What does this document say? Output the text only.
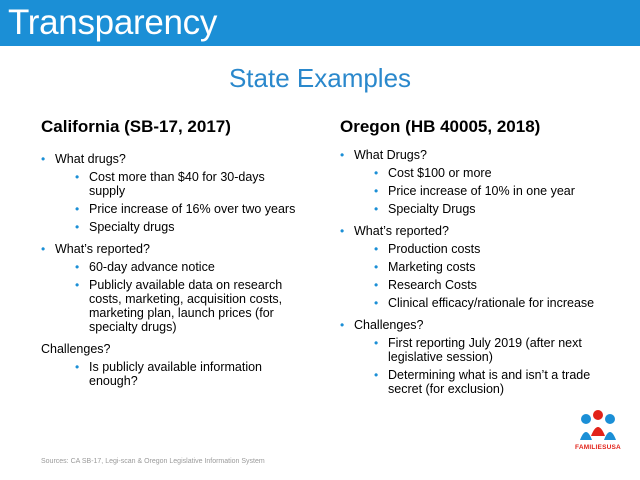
Transparency
State Examples
California (SB-17, 2017)
• What drugs?
• Cost more than $40 for 30-days supply
• Price increase of 16% over two years
• Specialty drugs
• What’s reported?
• 60-day advance notice
• Publicly available data on research costs, marketing, acquisition costs, marketing plan, launch prices (for specialty drugs)
Challenges?
• Is publicly available information enough?
Oregon (HB 40005, 2018)
• What Drugs?
• Cost $100 or more
• Price increase of 10% in one year
• Specialty Drugs
• What’s reported?
• Production costs
• Marketing costs
• Research Costs
• Clinical efficacy/rationale for increase
• Challenges?
• First reporting July 2019 (after next legislative session)
• Determining what is and isn’t a trade secret (for exclusion)
Sources: CA SB-17, Legi-scan & Oregon Legislative Information System
FAMILIESUSA
